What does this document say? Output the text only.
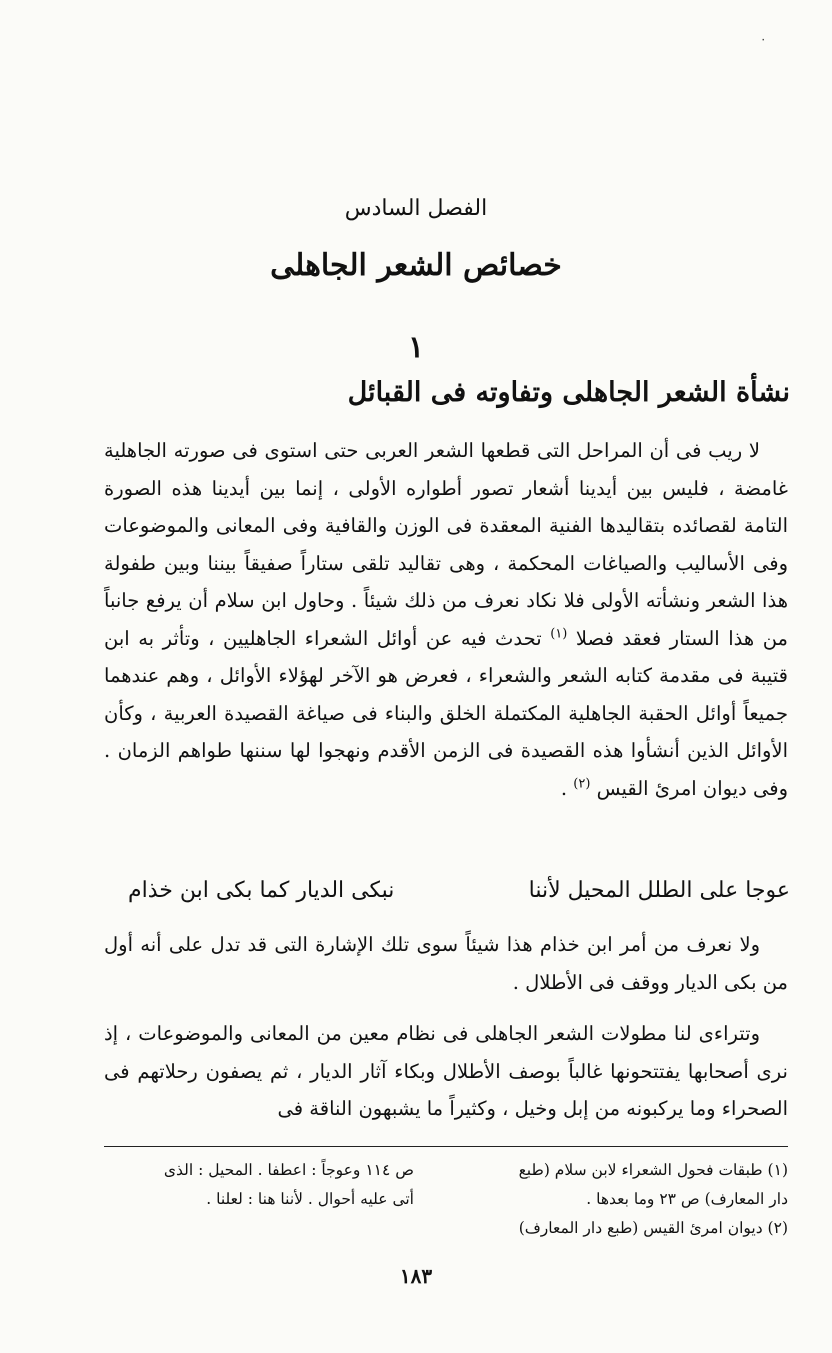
٠
الفصل السادس
خصائص الشعر الجاهلى
١
نشأة الشعر الجاهلى وتفاوته فى القبائل

لا ريب فى أن المراحل التى قطعها الشعر العربى حتى استوى فى صورته الجاهلية غامضة ، فليس بين أيدينا أشعار تصور أطواره الأولى ، إنما بين أيدينا هذه الصورة التامة لقصائده بتقاليدها الفنية المعقدة فى الوزن والقافية وفى المعانى والموضوعات وفى الأساليب والصياغات المحكمة ، وهى تقاليد تلقى ستاراً صفيقاً بيننا وبين طفولة هذا الشعر ونشأته الأولى فلا نكاد نعرف من ذلك شيئاً . وحاول ابن سلام أن يرفع جانباً من هذا الستار فعقد فصلا $^{(١)}$ تحدث فيه عن أوائل الشعراء الجاهليين ، وتأثر به ابن قتيبة فى مقدمة كتابه الشعر والشعراء ، فعرض هو الآخر لهؤلاء الأوائل ، وهم عندهما جميعاً أوائل الحقبة الجاهلية المكتملة الخلق والبناء فى صياغة القصيدة العربية ، وكأن الأوائل الذين أنشأوا هذه القصيدة فى الزمن الأقدم ونهجوا لها سننها طواهم الزمان . وفى ديوان امرئ القيس $^{(٢)}$ .

عوجا على الطلل المحيل لأننا
نبكى الديار كما بكى ابن خذام

ولا نعرف من أمر ابن خذام هذا شيئاً سوى تلك الإشارة التى قد تدل على أنه أول من بكى الديار ووقف فى الأطلال .

وتتراءى لنا مطولات الشعر الجاهلى فى نظام معين من المعانى والموضوعات ، إذ نرى أصحابها يفتتحونها غالباً بوصف الأطلال وبكاء آثار الديار ، ثم يصفون رحلاتهم فى الصحراء وما يركبونه من إبل وخيل ، وكثيراً ما يشبهون الناقة فى

(١) طبقات فحول الشعراء لابن سلام (طبع
دار المعارف) ص ٢٣ وما بعدها .
(٢) ديوان امرئ القيس (طبع دار المعارف)
ص ١١٤ وعوجاً : اعطفا . المحيل : الذى
أتى عليه أحوال . لأننا هنا : لعلنا .
١٨٣
